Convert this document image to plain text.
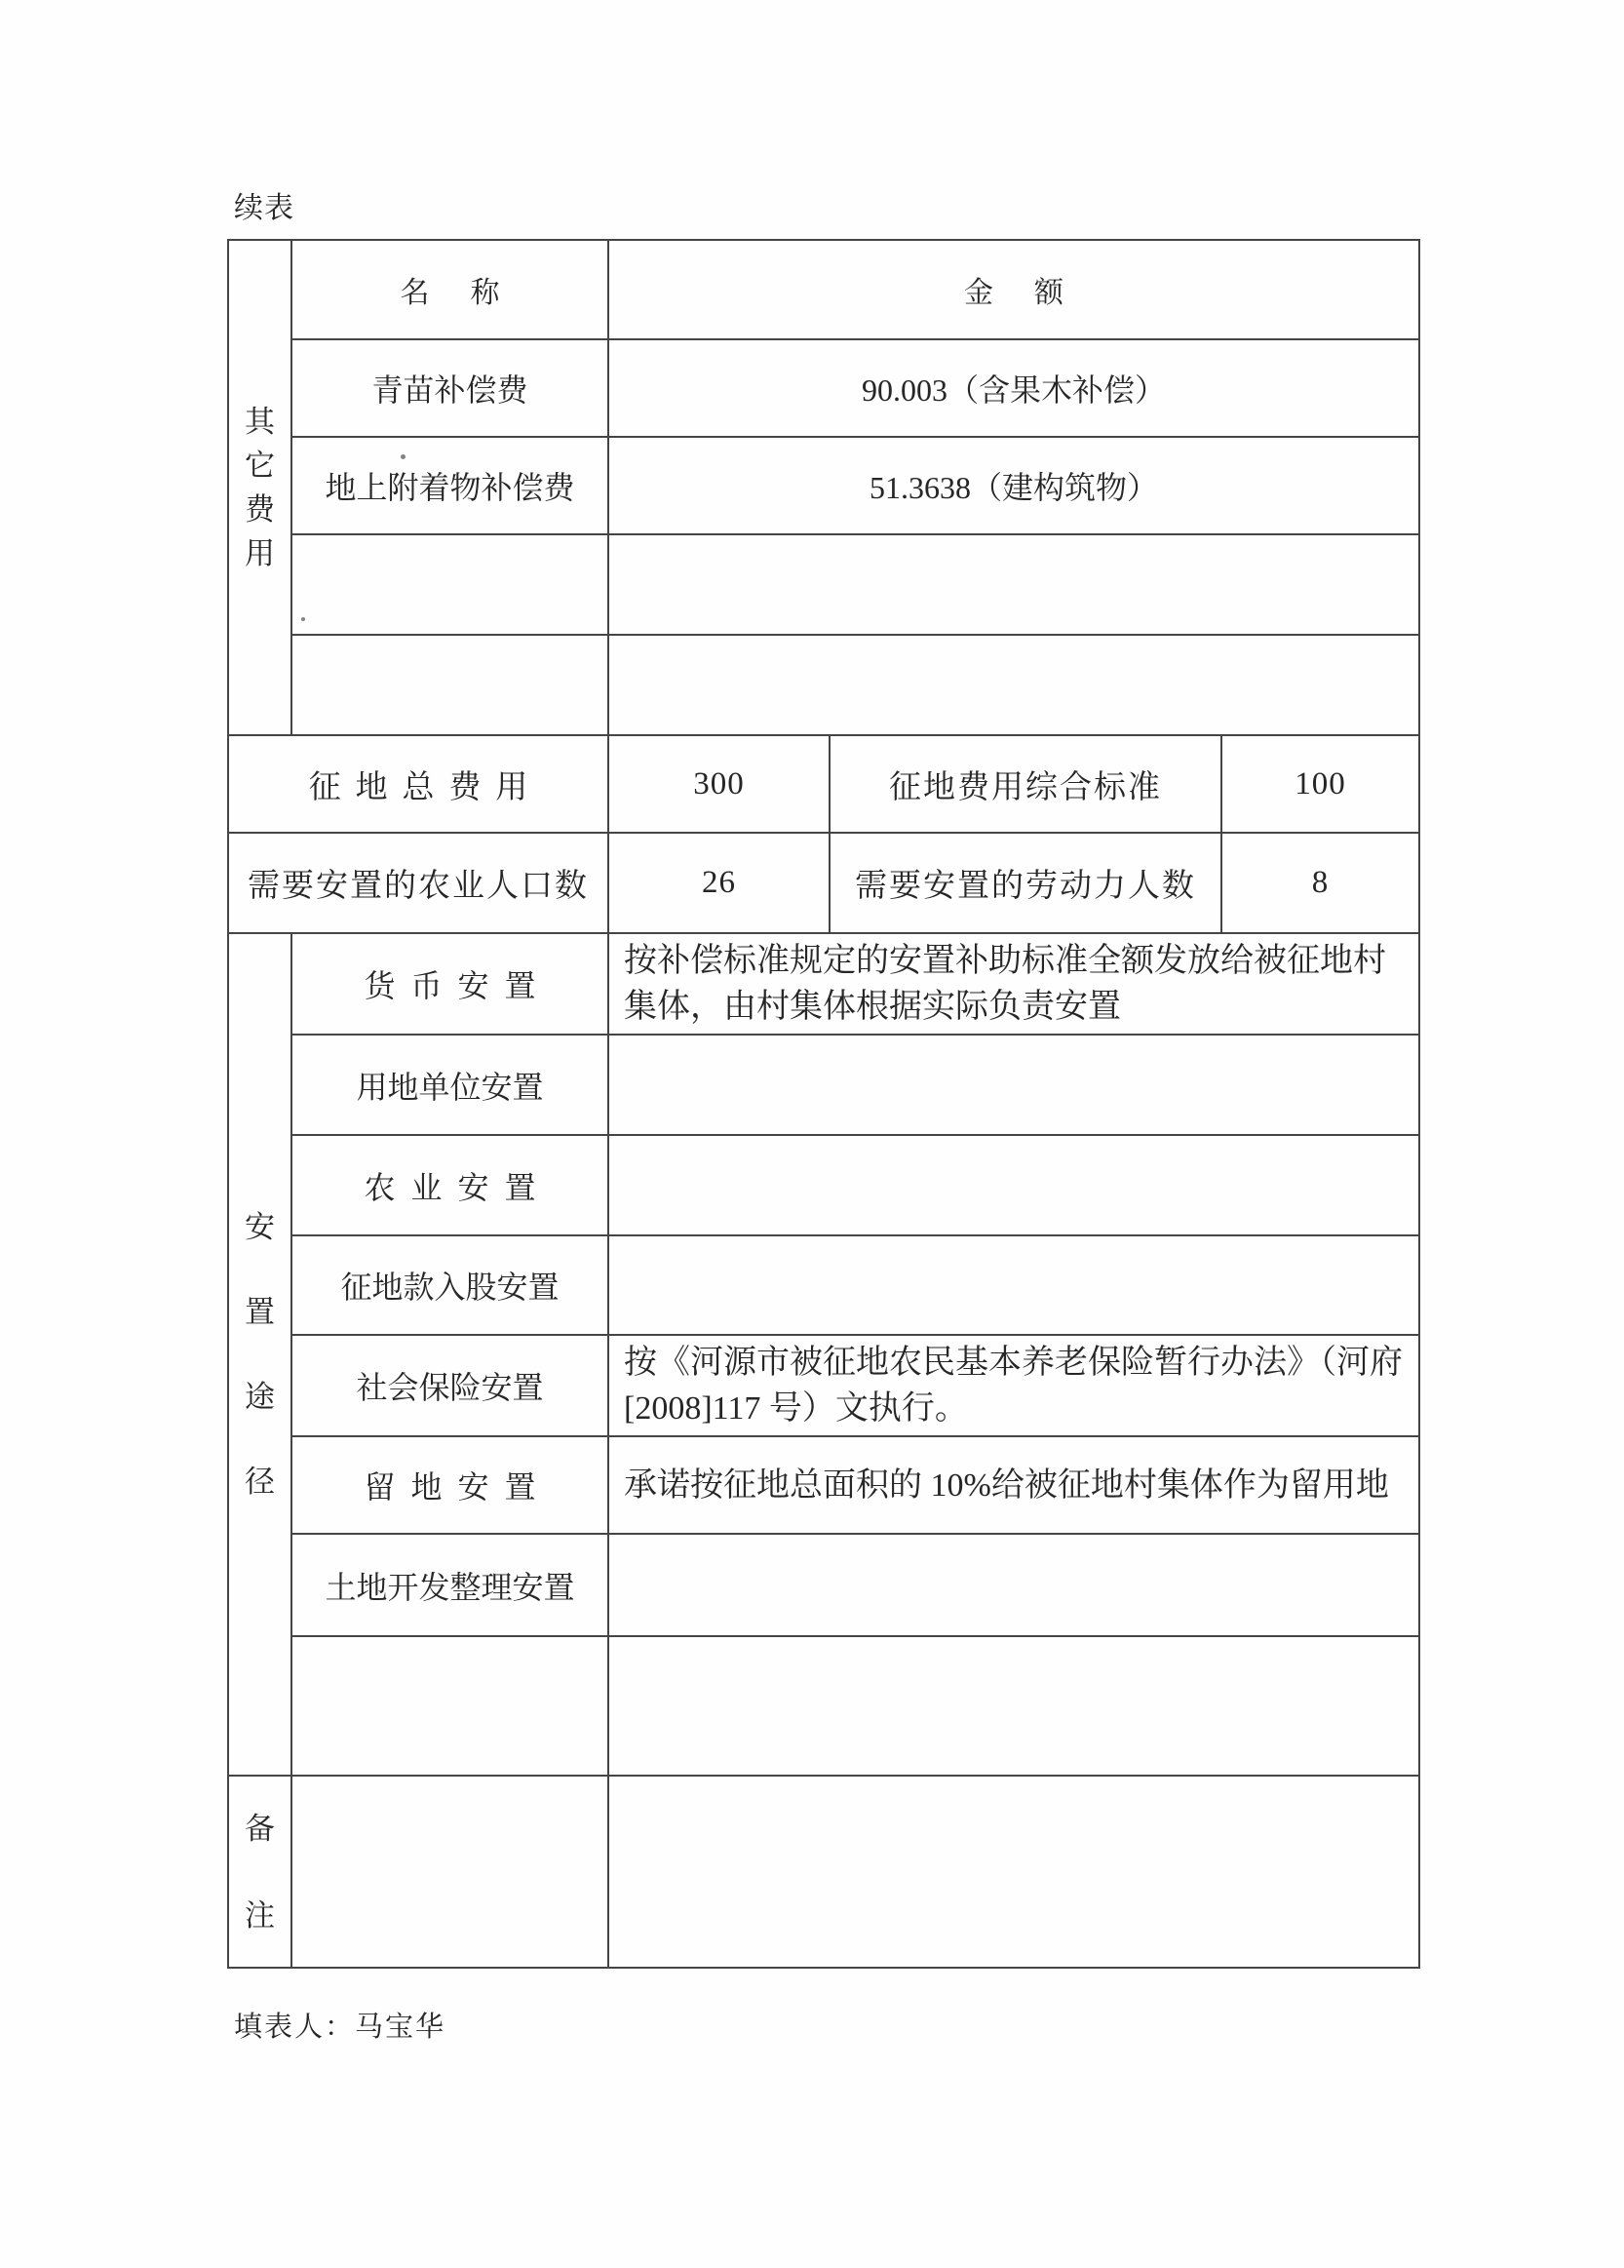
续表
其
它
费
用	名称	金额		
	青苗补偿费	90.003（含果木补偿）		
	地上附着物补偿费	51.3638（建构筑物）		

征地总费用		300	征地费用综合标准	100
需要安置的农业人口数		26	需要安置的劳动力人数	8

安
置
途
径	货币安置	按补偿标准规定的安置补助标准全额发放给被征地村集体，由村集体根据实际负责安置		
	用地单位安置			
	农业安置			
	征地款入股安置			
	社会保险安置	按《河源市被征地农民基本养老保险暂行办法》（河府[2008]117 号）文执行。		
	留地安置	承诺按征地总面积的 10%给被征地村集体作为留用地		
	土地开发整理安置			

备
注				

填表人：马宝华
